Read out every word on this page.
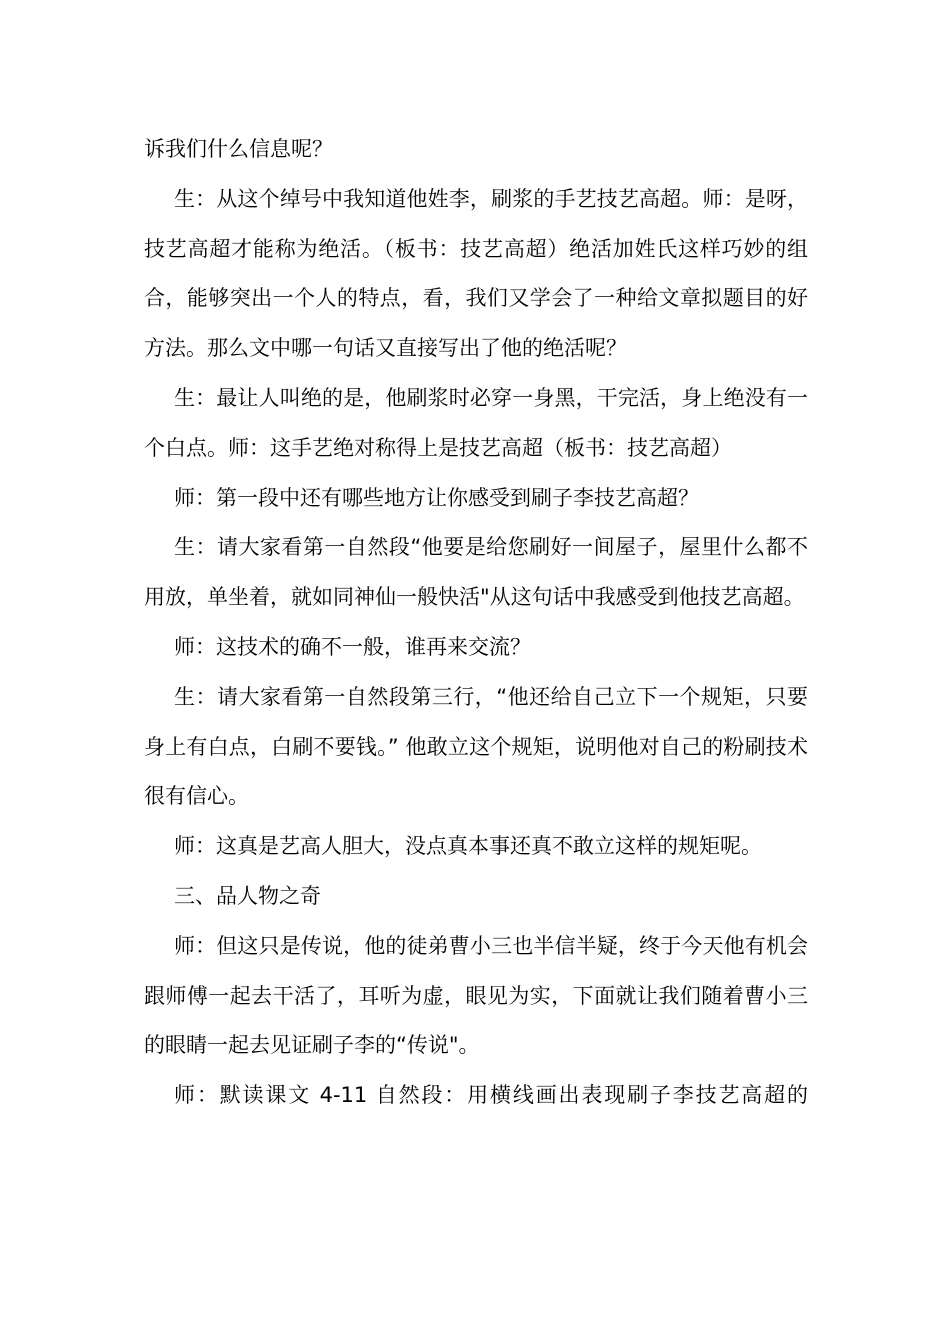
诉我们什么信息呢？

生：从这个绰号中我知道他姓李，刷浆的手艺技艺高超。师：是呀，技艺高超才能称为绝活。（板书：技艺高超）绝活加姓氏这样巧妙的组合，能够突出一个人的特点，看，我们又学会了一种给文章拟题目的好方法。那么文中哪一句话又直接写出了他的绝活呢？

生：最让人叫绝的是，他刷浆时必穿一身黑，干完活，身上绝没有一个白点。师：这手艺绝对称得上是技艺高超（板书：技艺高超）

师：第一段中还有哪些地方让你感受到刷子李技艺高超？

生：请大家看第一自然段“他要是给您刷好一间屋子，屋里什么都不用放，单坐着，就如同神仙一般快活"从这句话中我感受到他技艺高超。

师：这技术的确不一般，谁再来交流？

生：请大家看第一自然段第三行，“他还给自己立下一个规矩，只要身上有白点，白刷不要钱。” 他敢立这个规矩，说明他对自己的粉刷技术很有信心。

师：这真是艺高人胆大，没点真本事还真不敢立这样的规矩呢。

三、品人物之奇

师：但这只是传说，他的徒弟曹小三也半信半疑，终于今天他有机会跟师傅一起去干活了，耳听为虚，眼见为实，下面就让我们随着曹小三的眼睛一起去见证刷子李的“传说"。

师：默读课文 4-11 自然段：用横线画出表现刷子李技艺高超的
